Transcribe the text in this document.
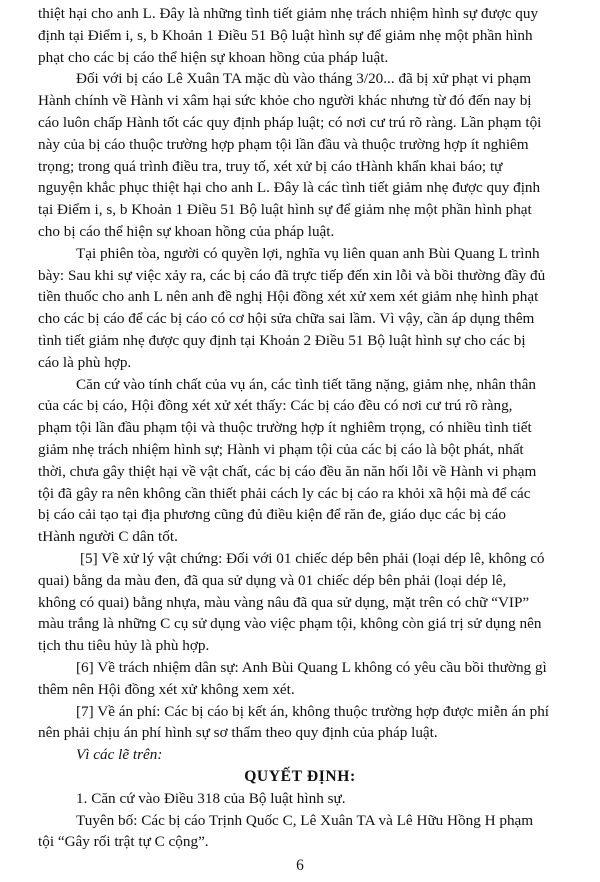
thiệt hại cho anh L. Đây là những tình tiết giảm nhẹ trách nhiệm hình sự được quy
định tại Điểm i, s, b Khoản 1 Điều 51 Bộ luật hình sự để giảm nhẹ một phần hình
phạt cho các bị cáo thể hiện sự khoan hồng của pháp luật.
Đối với bị cáo Lê Xuân TA mặc dù vào tháng 3/20... đã bị xử phạt vi phạm
Hành chính về Hành vi xâm hại sức khỏe cho người khác nhưng từ đó đến nay bị
cáo luôn chấp Hành tốt các quy định pháp luật; có nơi cư trú rõ ràng. Lần phạm tội
này của bị cáo thuộc trường hợp phạm tội lần đầu và thuộc trường hợp ít nghiêm
trọng; trong quá trình điều tra, truy tố, xét xử bị cáo tHành khẩn khai báo; tự
nguyện khắc phục thiệt hại cho anh L. Đây là các tình tiết giảm nhẹ được quy định
tại Điểm i, s, b Khoản 1 Điều 51 Bộ luật hình sự để giảm nhẹ một phần hình phạt
cho bị cáo thể hiện sự khoan hồng của pháp luật.
Tại phiên tòa, người có quyền lợi, nghĩa vụ liên quan anh Bùi Quang L trình
bày: Sau khi sự việc xảy ra, các bị cáo đã trực tiếp đến xin lỗi và bồi thường đầy đủ
tiền thuốc cho anh L nên anh đề nghị Hội đồng xét xử xem xét giảm nhẹ hình phạt
cho các bị cáo để các bị cáo có cơ hội sửa chữa sai lầm. Vì vậy, cần áp dụng thêm
tình tiết giảm nhẹ được quy định tại Khoản 2 Điều 51 Bộ luật hình sự cho các bị
cáo là phù hợp.
Căn cứ vào tính chất của vụ án, các tình tiết tăng nặng, giảm nhẹ, nhân thân
của các bị cáo, Hội đồng xét xử xét thấy: Các bị cáo đều có nơi cư trú rõ ràng,
phạm tội lần đầu phạm tội và thuộc trường hợp ít nghiêm trọng, có nhiều tình tiết
giảm nhẹ trách nhiệm hình sự; Hành vi phạm tội của các bị cáo là bột phát, nhất
thời, chưa gây thiệt hại về vật chất, các bị cáo đều ăn năn hối lỗi về Hành vi phạm
tội đã gây ra nên không cần thiết phải cách ly các bị cáo ra khỏi xã hội mà để các
bị cáo cải tạo tại địa phương cũng đủ điều kiện để răn đe, giáo dục các bị cáo
tHành người C dân tốt.
[5] Về xử lý vật chứng: Đối với 01 chiếc dép bên phải (loại dép lê, không có
quai) bằng da màu đen, đã qua sử dụng và 01 chiếc dép bên phải (loại dép lê,
không có quai) bằng nhựa, màu vàng nâu đã qua sử dụng, mặt trên có chữ “VIP”
màu trắng là những C cụ sử dụng vào việc phạm tội, không còn giá trị sử dụng nên
tịch thu tiêu hủy là phù hợp.
[6] Về trách nhiệm dân sự: Anh Bùi Quang L không có yêu cầu bồi thường gì
thêm nên Hội đồng xét xử không xem xét.
[7] Về án phí: Các bị cáo bị kết án, không thuộc trường hợp được miễn án phí
nên phải chịu án phí hình sự sơ thẩm theo quy định của pháp luật.
Vì các lẽ trên:
QUYẾT ĐỊNH:
1. Căn cứ vào Điều 318 của Bộ luật hình sự.
Tuyên bố: Các bị cáo Trịnh Quốc C, Lê Xuân TA và Lê Hữu Hồng H phạm
tội “Gây rối trật tự C cộng”.
6
